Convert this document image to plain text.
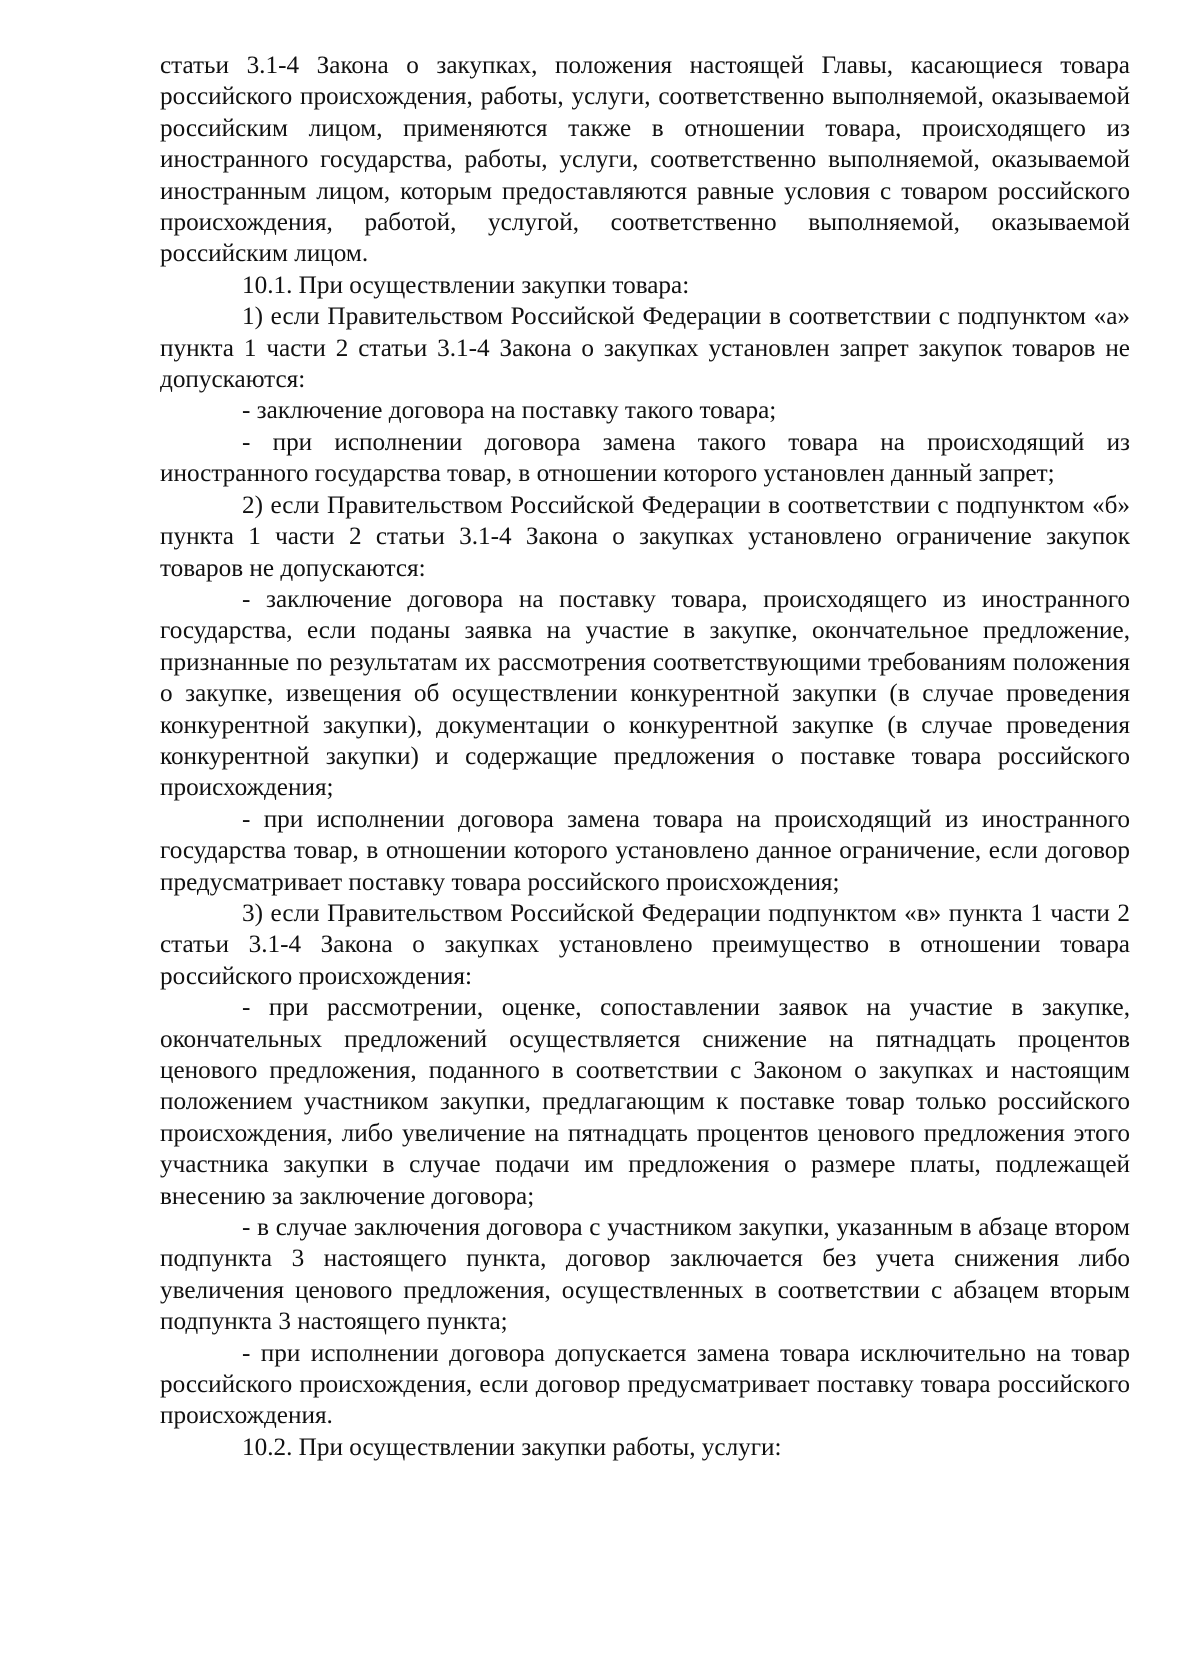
статьи 3.1-4 Закона о закупках, положения настоящей Главы, касающиеся товара российского происхождения, работы, услуги, соответственно выполняемой, оказываемой российским лицом, применяются также в отношении товара, происходящего из иностранного государства, работы, услуги, соответственно выполняемой, оказываемой иностранным лицом, которым предоставляются равные условия с товаром российского происхождения, работой, услугой, соответственно выполняемой, оказываемой российским лицом.

10.1. При осуществлении закупки товара:

1) если Правительством Российской Федерации в соответствии с подпунктом «а» пункта 1 части 2 статьи 3.1-4 Закона о закупках установлен запрет закупок товаров не допускаются:

- заключение договора на поставку такого товара;

- при исполнении договора замена такого товара на происходящий из иностранного государства товар, в отношении которого установлен данный запрет;

2) если Правительством Российской Федерации в соответствии с подпунктом «б» пункта 1 части 2 статьи 3.1-4 Закона о закупках установлено ограничение закупок товаров не допускаются:

- заключение договора на поставку товара, происходящего из иностранного государства, если поданы заявка на участие в закупке, окончательное предложение, признанные по результатам их рассмотрения соответствующими требованиям положения о закупке, извещения об осуществлении конкурентной закупки (в случае проведения конкурентной закупки), документации о конкурентной закупке (в случае проведения конкурентной закупки) и содержащие предложения о поставке товара российского происхождения;

- при исполнении договора замена товара на происходящий из иностранного государства товар, в отношении которого установлено данное ограничение, если договор предусматривает поставку товара российского происхождения;

3) если Правительством Российской Федерации подпунктом «в» пункта 1 части 2 статьи 3.1-4 Закона о закупках установлено преимущество в отношении товара российского происхождения:

- при рассмотрении, оценке, сопоставлении заявок на участие в закупке, окончательных предложений осуществляется снижение на пятнадцать процентов ценового предложения, поданного в соответствии с Законом о закупках и настоящим положением участником закупки, предлагающим к поставке товар только российского происхождения, либо увеличение на пятнадцать процентов ценового предложения этого участника закупки в случае подачи им предложения о размере платы, подлежащей внесению за заключение договора;

- в случае заключения договора с участником закупки, указанным в абзаце втором подпункта 3 настоящего пункта, договор заключается без учета снижения либо увеличения ценового предложения, осуществленных в соответствии с абзацем вторым подпункта 3 настоящего пункта;

- при исполнении договора допускается замена товара исключительно на товар российского происхождения, если договор предусматривает поставку товара российского происхождения.

10.2. При осуществлении закупки работы, услуги:
